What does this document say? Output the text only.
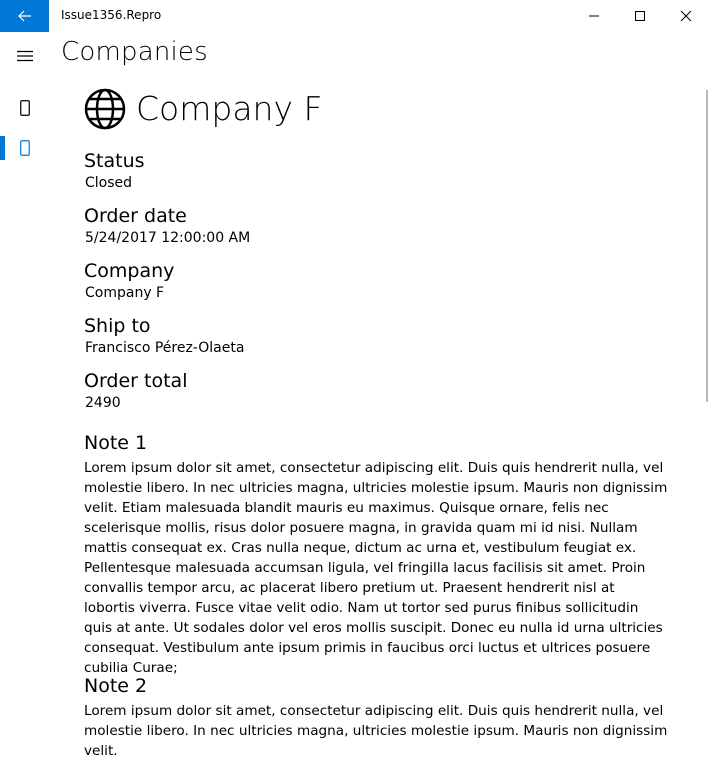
Issue1356.Repro
Companies
Company F
Status
Closed
Order date
5/24/2017 12:00:00 AM
Company
Company F
Ship to
Francisco Pérez-Olaeta
Order total
2490
Note 1
Lorem ipsum dolor sit amet, consectetur adipiscing elit. Duis quis hendrerit nulla, vel molestie libero. In nec ultricies magna, ultricies molestie ipsum. Mauris non dignissim velit. Etiam malesuada blandit mauris eu maximus. Quisque ornare, felis nec scelerisque mollis, risus dolor posuere magna, in gravida quam mi id nisi. Nullam mattis consequat ex. Cras nulla neque, dictum ac urna et, vestibulum feugiat ex. Pellentesque malesuada accumsan ligula, vel fringilla lacus facilisis sit amet. Proin convallis tempor arcu, ac placerat libero pretium ut. Praesent hendrerit nisl at lobortis viverra. Fusce vitae velit odio. Nam ut tortor sed purus finibus sollicitudin quis at ante. Ut sodales dolor vel eros mollis suscipit. Donec eu nulla id urna ultricies consequat. Vestibulum ante ipsum primis in faucibus orci luctus et ultrices posuere cubilia Curae;
Note 2
Lorem ipsum dolor sit amet, consectetur adipiscing elit. Duis quis hendrerit nulla, vel molestie libero. In nec ultricies magna, ultricies molestie ipsum. Mauris non dignissim velit.
